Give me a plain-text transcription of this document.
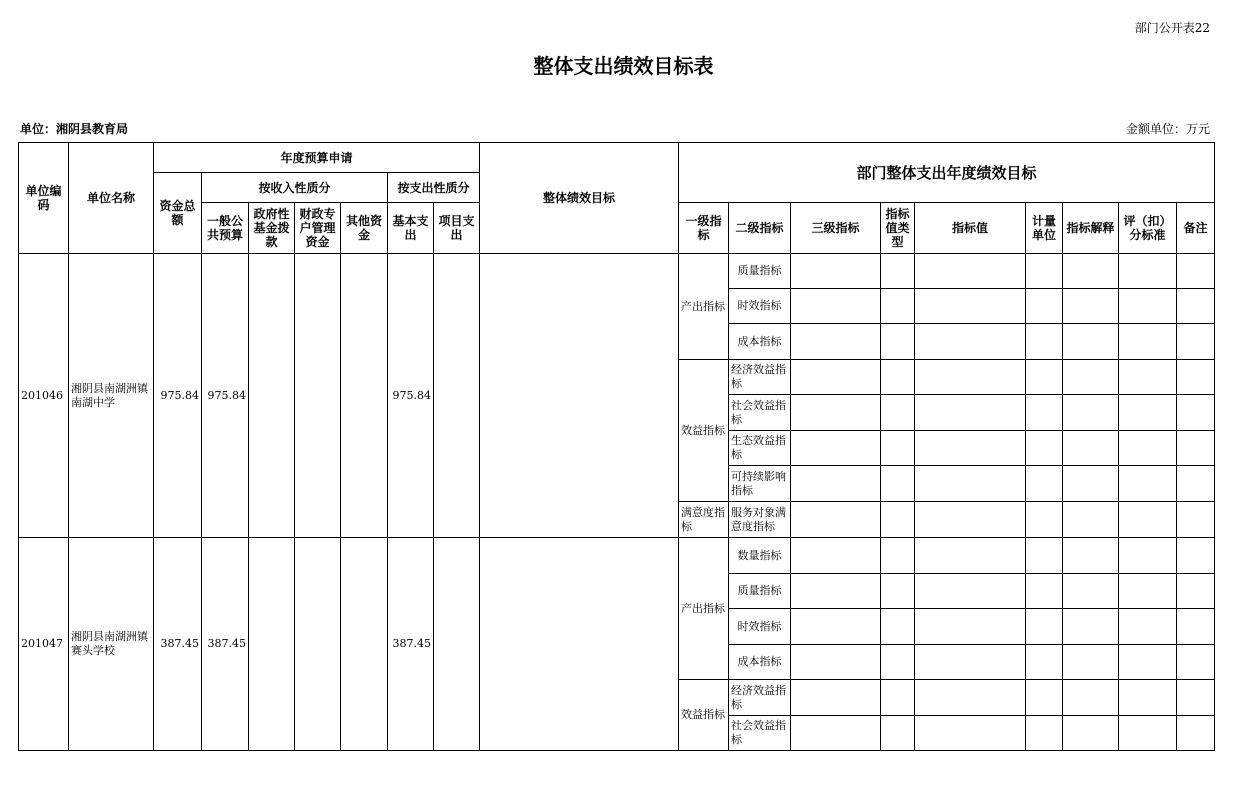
部门公开表22
整体支出绩效目标表
单位：湘阴县教育局	金额单位：万元
单位编码	单位名称	年度预算申请							整体绩效目标	部门整体支出年度绩效目标								
		资金总额	按收入性质分				按支出性质分											
			一般公共预算	政府性基金拨款	财政专户管理资金	其他资金	基本支出	项目支出		一级指标	二级指标	三级指标	指标值类型	指标值	计量单位	指标解释	评（扣）分标准	备注
201046	湘阴县南湖洲镇南湖中学	975.84	975.84				975.84			产出指标	质量指标							
											时效指标							
											成本指标							
										效益指标	经济效益指标							
											社会效益指标							
											生态效益指标							
											可持续影响指标							
										满意度指标	服务对象满意度指标							
201047	湘阴县南湖洲镇赛头学校	387.45	387.45				387.45			产出指标	数量指标							
											质量指标							
											时效指标							
											成本指标							
										效益指标	经济效益指标							
											社会效益指标							
